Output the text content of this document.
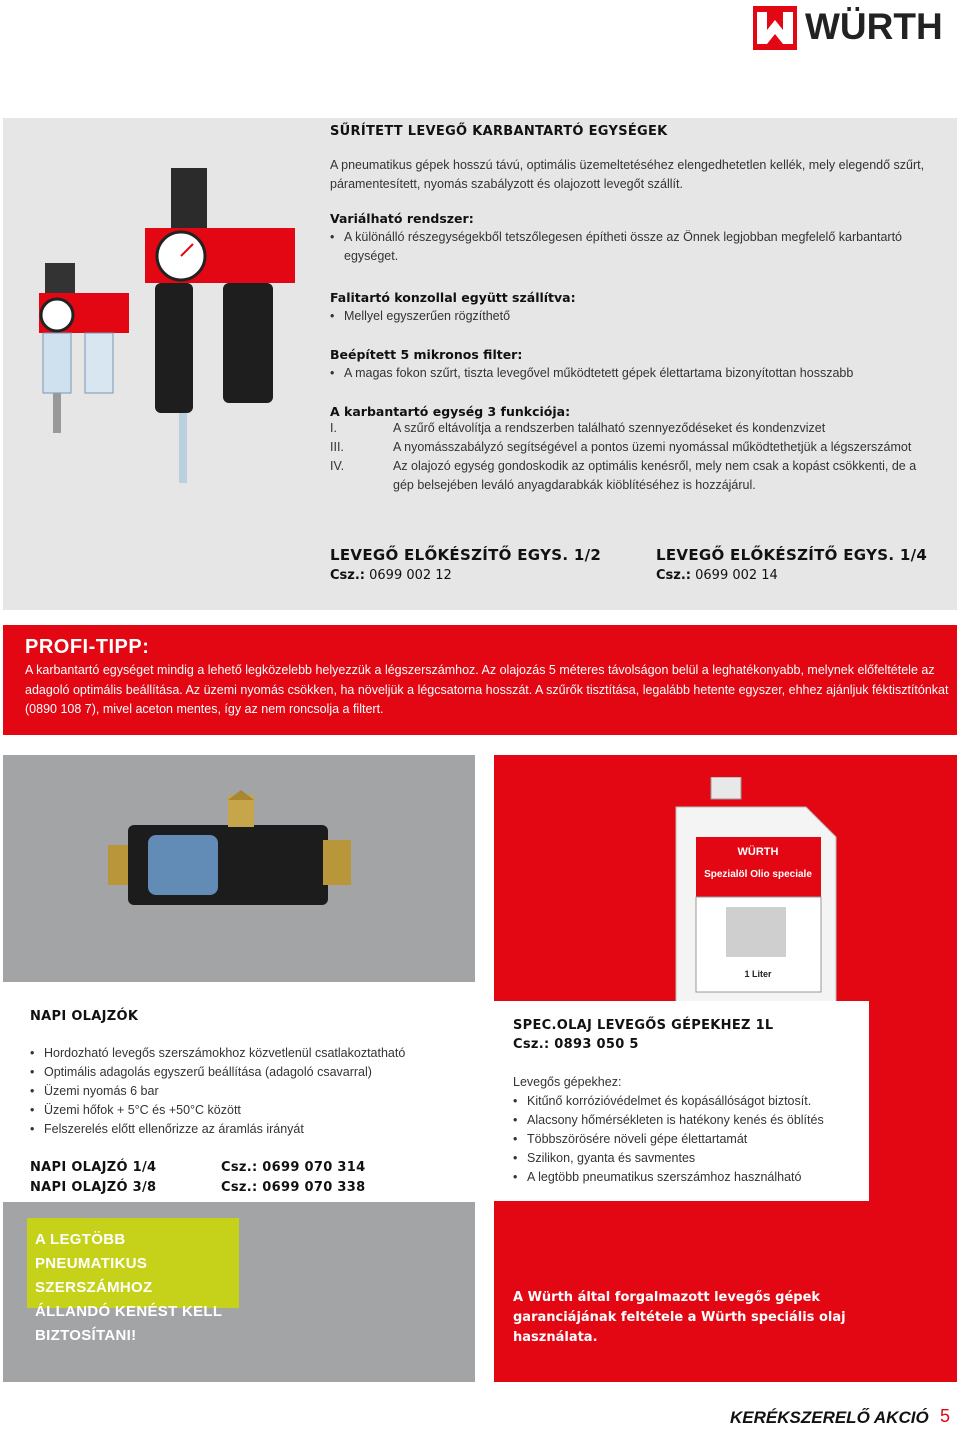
WÜRTH
SŰRÍTETT LEVEGŐ KARBANTARTÓ EGYSÉGEK
A pneumatikus gépek hosszú távú, optimális üzemeltetéséhez elengedhetetlen kellék, mely elegendő szűrt, páramentesített, nyomás szabályzott és olajozott levegőt szállít.
Variálható rendszer:
• A különálló részegységekből tetszőlegesen építheti össze az Önnek legjobban megfelelő karbantartó egységet.
Falitartó konzollal együtt szállítva:
• Mellyel egyszerűen rögzíthető
Beépített 5 mikronos filter:
• A magas fokon szűrt, tiszta levegővel működtetett gépek élettartama bizonyítottan hosszabb
A karbantartó egység 3 funkciója:
I.	A szűrő eltávolítja a rendszerben található szennyeződéseket és kondenzvizet
III.	A nyomásszabályzó segítségével a pontos üzemi nyomással működtethetjük a légszerszámot
IV.	Az olajozó egység gondoskodik az optimális kenésről, mely nem csak a kopást csökkenti, de a gép belsejében leváló anyagdarabkák kiöblítéséhez is hozzájárul.
LEVEGŐ ELŐKÉSZÍTŐ EGYS. 1/2
Csz.: 0699 002 12
LEVEGŐ ELŐKÉSZÍTŐ EGYS. 1/4
Csz.: 0699 002 14
PROFI-TIPP:
A karbantartó egységet mindig a lehető legközelebb helyezzük a légszerszámhoz. Az olajozás 5 méteres távolságon belül a leghatékonyabb, melynek előfeltétele az adagoló optimális beállítása. Az üzemi nyomás csökken, ha növeljük a légcsatorna hosszát. A szűrők tisztítása, legalább hetente egyszer, ehhez ajánljuk féktisztítónkat (0890 108 7), mivel aceton mentes, így az nem roncsolja a filtert.
NAPI OLAJZÓK
• Hordozható levegős szerszámokhoz közvetlenül csatlakoztatható
• Optimális adagolás egyszerű beállítása (adagoló csavarral)
• Üzemi nyomás 6 bar
• Üzemi hőfok + 5°C és +50°C között
• Felszerelés előtt ellenőrizze az áramlás irányát
NAPI OLAJZÓ 1/4	Csz.: 0699 070 314
NAPI OLAJZÓ 3/8	Csz.: 0699 070 338
A LEGTÖBB PNEUMATIKUS SZERSZÁMHOZ ÁLLANDÓ KENÉST KELL BIZTOSÍTANI!
WÜRTH
Spezialöl Olio speciale
1 Liter
SPEC.OLAJ LEVEGŐS GÉPEKHEZ 1L
Csz.: 0893 050 5
Levegős gépekhez:
• Kitűnő korrózióvédelmet és kopásállóságot biztosít.
• Alacsony hőmérsékleten is hatékony kenés és öblítés
• Többszörösére növeli gépe élettartamát
• Szilikon, gyanta és savmentes
• A legtöbb pneumatikus szerszámhoz használható
A Würth által forgalmazott levegős gépek garanciájának feltétele a Würth speciális olaj használata.
KERÉKSZERELŐ AKCIÓ 5
